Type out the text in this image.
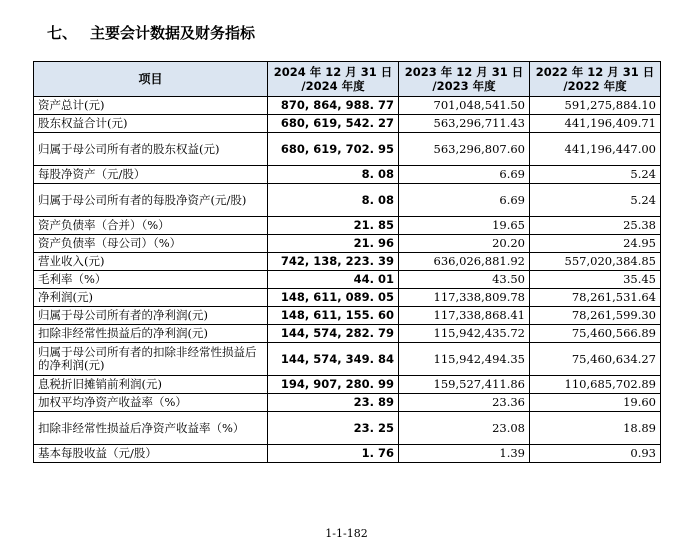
七、 主要会计数据及财务指标
项目	2024 年 12 月 31 日 /2024 年度	2023 年 12 月 31 日 /2023 年度	2022 年 12 月 31 日 /2022 年度
资产总计(元)	870, 864, 988. 77	701,048,541.50	591,275,884.10
股东权益合计(元)	680, 619, 542. 27	563,296,711.43	441,196,409.71
归属于母公司所有者的股东权益(元)	680, 619, 702. 95	563,296,807.60	441,196,447.00
每股净资产（元/股）	8. 08	6.69	5.24
归属于母公司所有者的每股净资产(元/股)	8. 08	6.69	5.24
资产负债率（合并）（%）	21. 85	19.65	25.38
资产负债率（母公司）（%）	21. 96	20.20	24.95
营业收入(元)	742, 138, 223. 39	636,026,881.92	557,020,384.85
毛利率（%）	44. 01	43.50	35.45
净利润(元)	148, 611, 089. 05	117,338,809.78	78,261,531.64
归属于母公司所有者的净利润(元)	148, 611, 155. 60	117,338,868.41	78,261,599.30
扣除非经常性损益后的净利润(元)	144, 574, 282. 79	115,942,435.72	75,460,566.89
归属于母公司所有者的扣除非经常性损益后的净利润(元)	144, 574, 349. 84	115,942,494.35	75,460,634.27
息税折旧摊销前利润(元)	194, 907, 280. 99	159,527,411.86	110,685,702.89
加权平均净资产收益率（%）	23. 89	23.36	19.60
扣除非经常性损益后净资产收益率（%）	23. 25	23.08	18.89
基本每股收益（元/股）	1. 76	1.39	0.93
1-1-182
